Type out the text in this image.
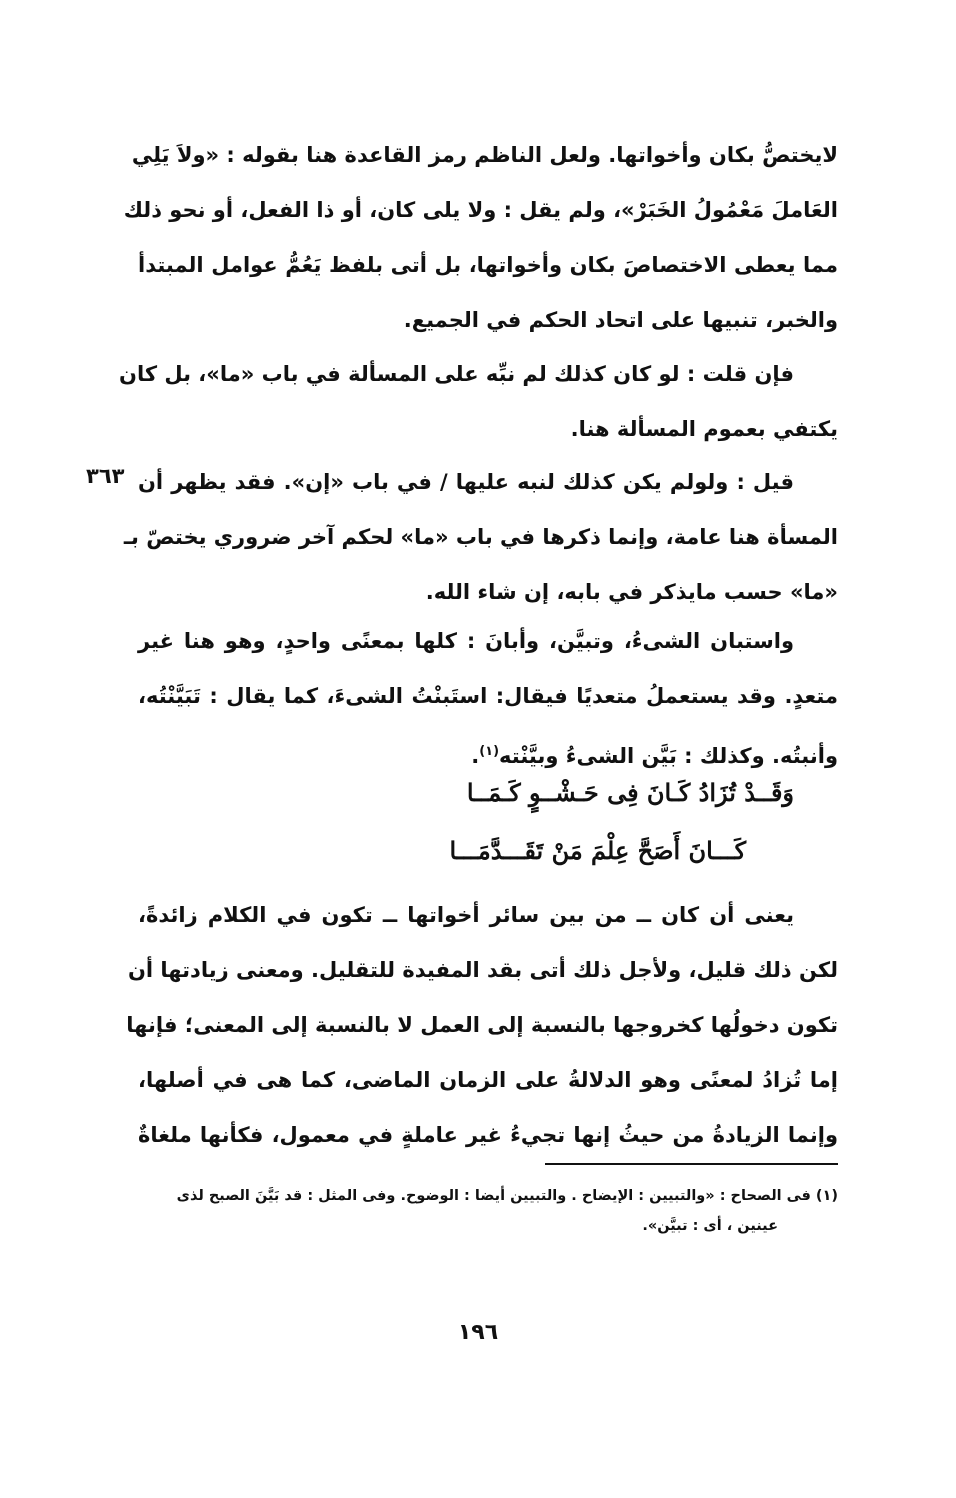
لايختصُّ بكان وأخواتها. ولعل الناظم رمز القاعدة هنا بقوله : «ولاَ يَلِي
العَاملَ مَعْمُولُ الخَبَرْ»، ولم يقل : ولا يلى كان، أو ذا الفعل، أو نحو ذلك
مما يعطى الاختصاصَ بكان وأخواتها، بل أتى بلفظ يَعُمُّ عوامل المبتدأ
والخبر، تنبيها على اتحاد الحكم في الجميع.
فإن قلت : لو كان كذلك لم نبِّه على المسألة في باب «ما»، بل كان
يكتفي بعموم المسألة هنا.
قيل : ولولم يكن كذلك لنبه عليها / في باب «إن». فقد يظهر أن
المسأة هنا عامة، وإنما ذكرها في باب «ما» لحكم آخر ضروري يختصّ بـ
«ما» حسب مايذكر في بابه، إن شاء الله.
٣٦٣
واستبان الشىءُ، وتبيَّن، وأبانَ : كلها بمعنًى واحدٍ، وهو هنا غير
متعدٍ. وقد يستعملُ متعديًا فيقال: استَبنْتُ الشىءَ، كما يقال : تَبَيَّنْتُه،
وأنبتُه. وكذلك : بَيَّن الشىءُ وبيَّنْته$^{(١)}$.
وَقَــدْ تُزَادُ كَـانَ فِى حَـشْــوٍ كَـمَــا
كَـــانَ أَصَحَّ عِلْمَ مَنْ تَقَـــدَّمَـــا
يعنى أن كان ــ من بين سائر أخواتها ــ تكون في الكلام زائدةً،
لكن ذلك قليل، ولأجل ذلك أتى بقد المفيدة للتقليل. ومعنى زيادتها أن
تكون دخولُها كخروجها بالنسبة إلى العمل لا بالنسبة إلى المعنى؛ فإنها
إما تُزادُ لمعنًى وهو الدلالةُ على الزمان الماضى، كما هى في أصلها،
وإنما الزيادةُ من حيثُ إنها تجيءُ غير عاملةٍ في معمول، فكأنها ملغاةٌ
(١) فى الصحاح : «والتبيين : الإيضاح . والتبيين أيضا : الوضوح. وفى المثل : قد بَيَّنَ الصبح لذى
عينين ، أى : تبيَّن».
١٩٦
